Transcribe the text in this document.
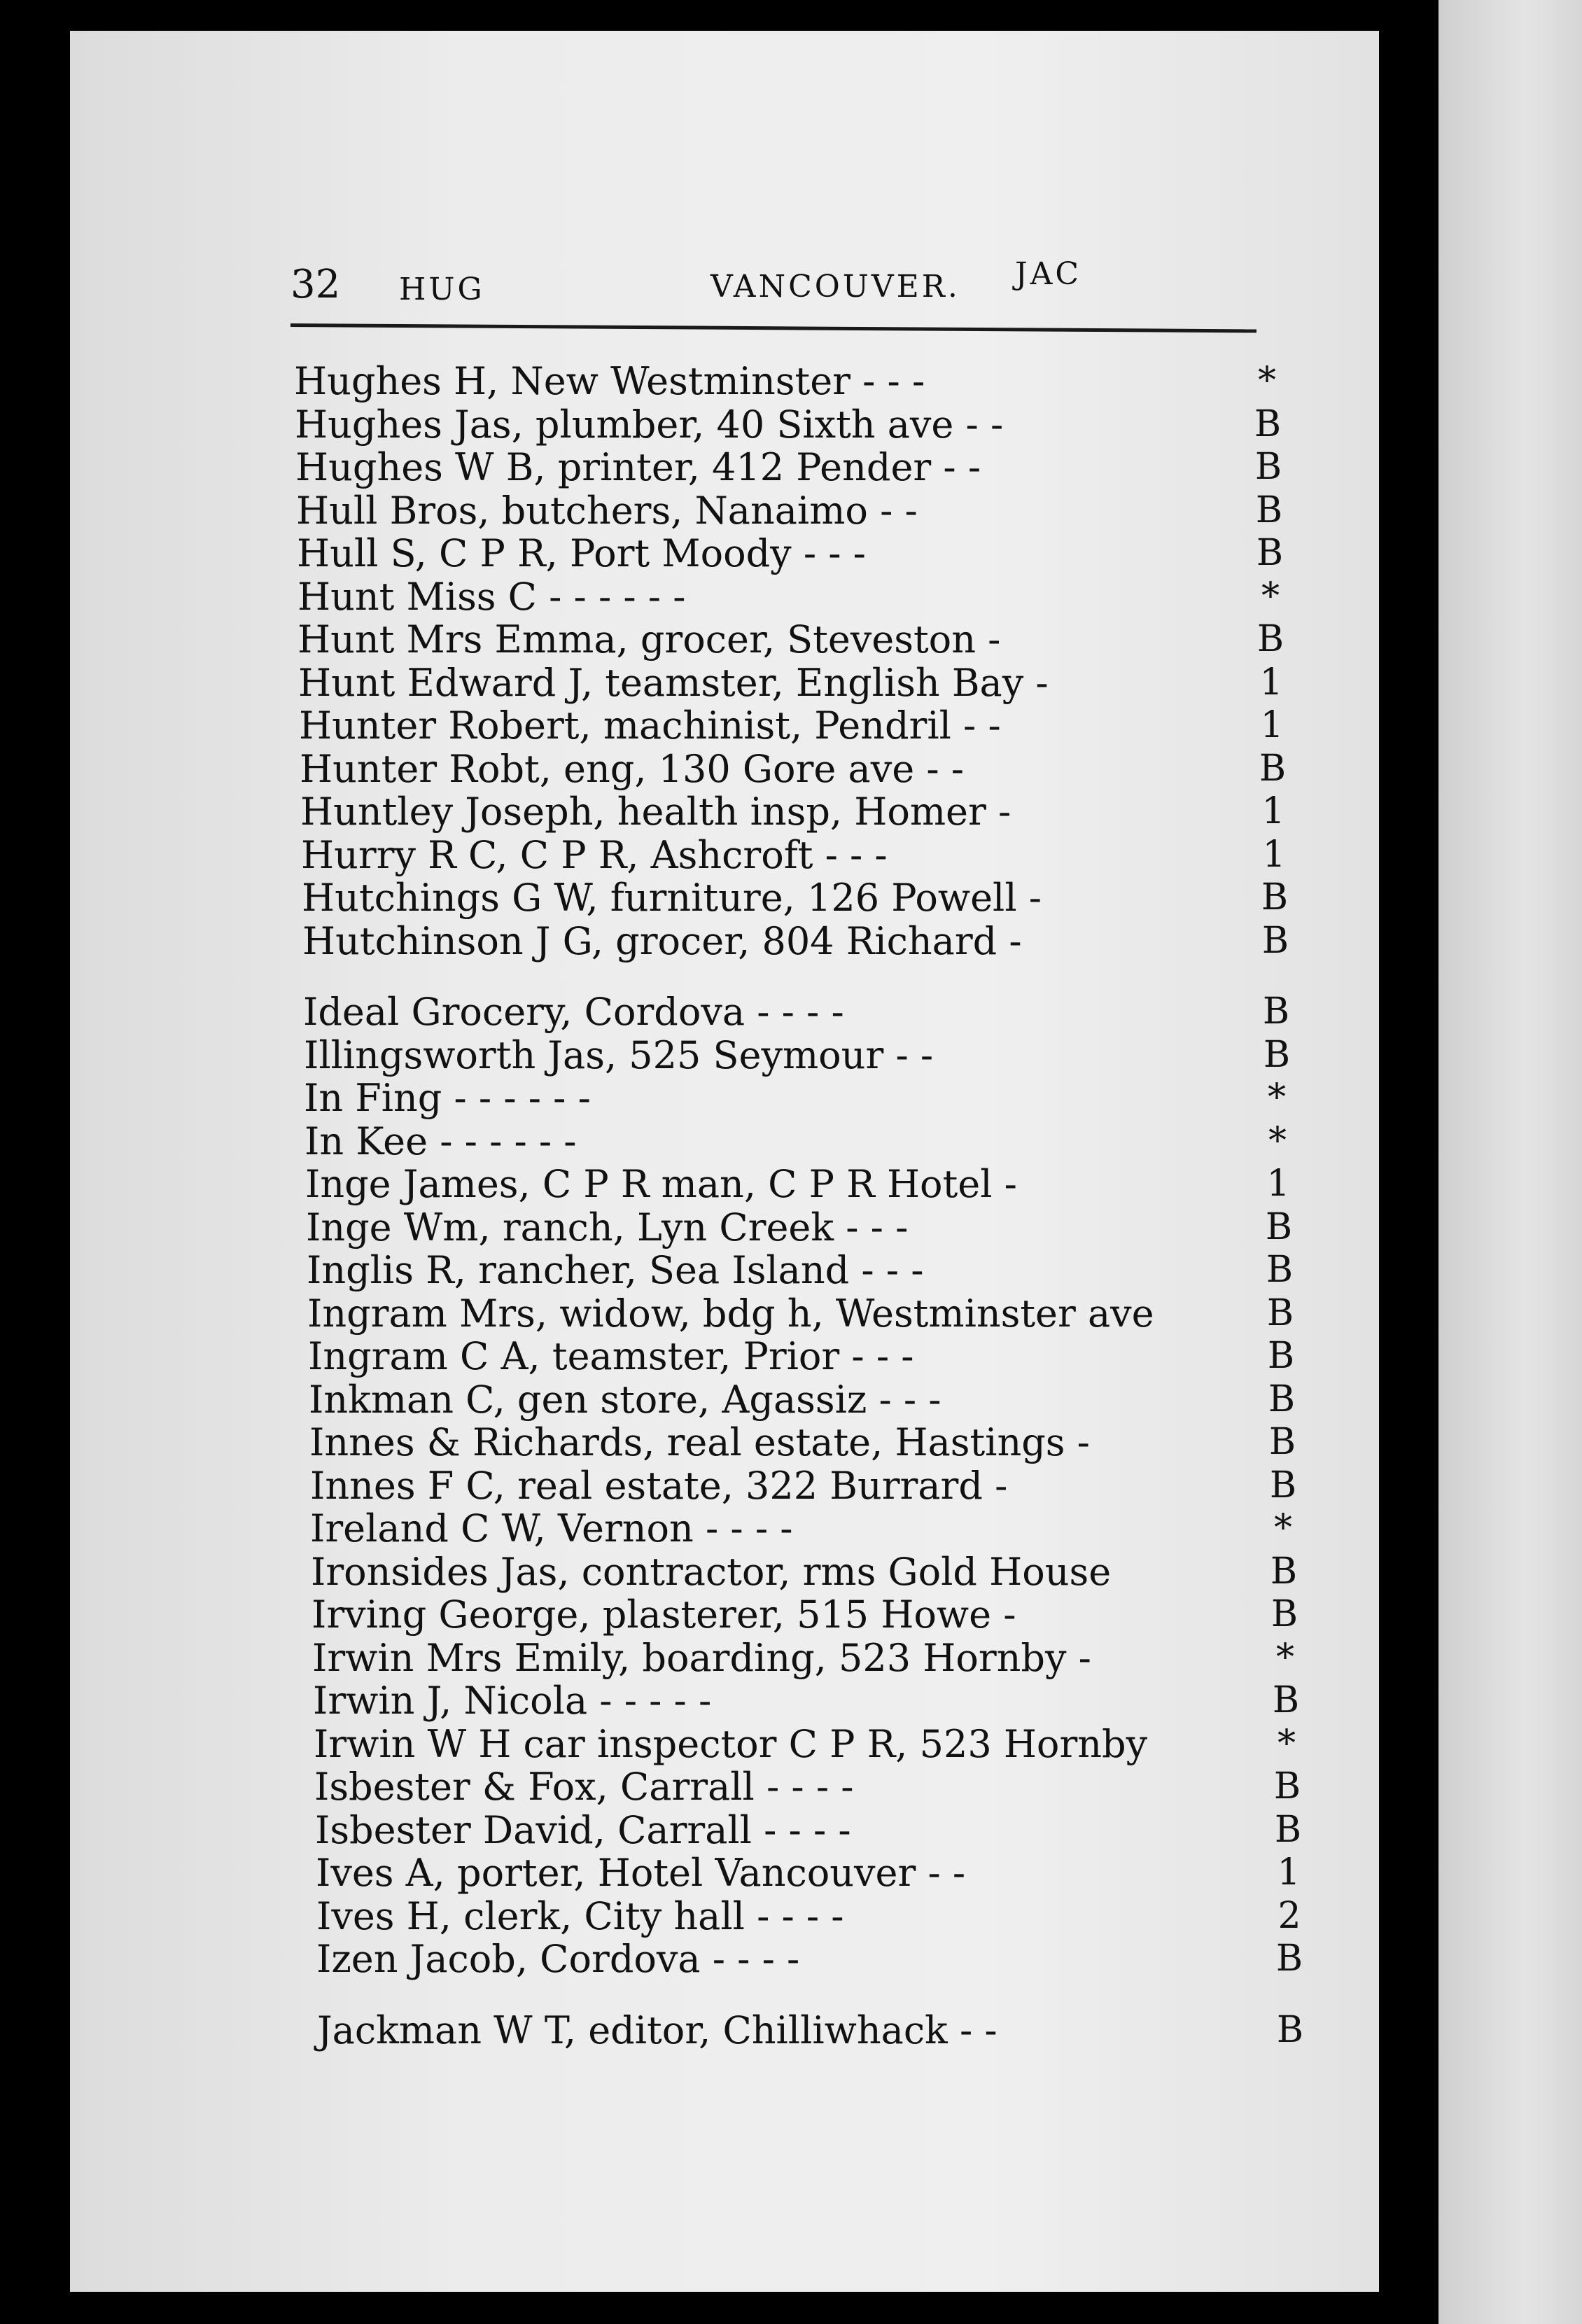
32 HUG	VANCOUVER. JAC
Hughes H, New Westminster - - -	*
Hughes Jas, plumber, 40 Sixth ave - -	B
Hughes W B, printer, 412 Pender - -	B
Hull Bros, butchers, Nanaimo - -	B
Hull S, C P R, Port Moody - - -	B
Hunt Miss C - - - - - -	*
Hunt Mrs Emma, grocer, Steveston -	B
Hunt Edward J, teamster, English Bay -	1
Hunter Robert, machinist, Pendril - -	1
Hunter Robt, eng, 130 Gore ave - -	B
Huntley Joseph, health insp, Homer -	1
Hurry R C, C P R, Ashcroft - - -	1
Hutchings G W, furniture, 126 Powell -	B
Hutchinson J G, grocer, 804 Richard -	B
Ideal Grocery, Cordova - - - -	B
Illingsworth Jas, 525 Seymour - -	B
In Fing - - - - - -	*
In Kee - - - - - -	*
Inge James, C P R man, C P R Hotel -	1
Inge Wm, ranch, Lyn Creek - - -	B
Inglis R, rancher, Sea Island - - -	B
Ingram Mrs, widow, bdg h, Westminster ave	B
Ingram C A, teamster, Prior - - -	B
Inkman C, gen store, Agassiz - - -	B
Innes & Richards, real estate, Hastings -	B
Innes F C, real estate, 322 Burrard -	B
Ireland C W, Vernon - - - -	*
Ironsides Jas, contractor, rms Gold House	B
Irving George, plasterer, 515 Howe -	B
Irwin Mrs Emily, boarding, 523 Hornby -	*
Irwin J, Nicola - - - - -	B
Irwin W H car inspector C P R, 523 Hornby	*
Isbester & Fox, Carrall - - - -	B
Isbester David, Carrall - - - -	B
Ives A, porter, Hotel Vancouver - -	1
Ives H, clerk, City hall - - - -	2
Izen Jacob, Cordova - - - -	B
Jackman W T, editor, Chilliwhack - -	B
